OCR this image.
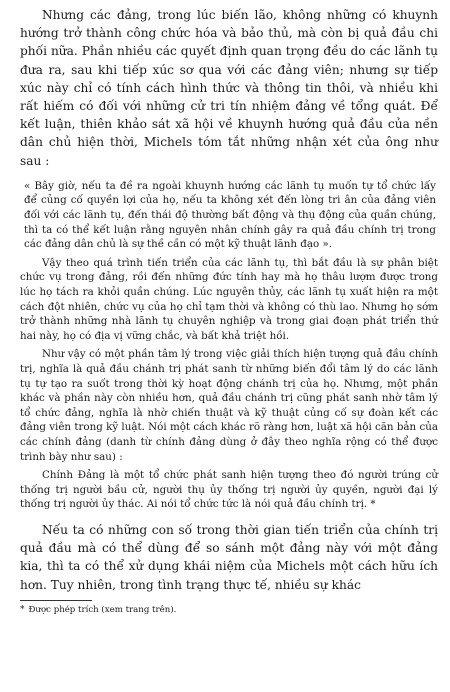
Nhưng các đảng, trong lúc biến lão, không những có khuynh hướng trở thành công chức hóa và bảo thủ, mà còn bị quả đầu chi phối nữa. Phần nhiều các quyết định quan trọng đều do các lãnh tụ đưa ra, sau khi tiếp xúc sơ qua với các đảng viên; nhưng sự tiếp xúc này chỉ có tính cách hình thức và thông tin thôi, và nhiều khi rất hiếm có đối với những cử tri tín nhiệm đảng về tổng quát. Để kết luận, thiên khảo sát xã hội về khuynh hướng quả đầu của nền dân chủ hiện thời, Michels tóm tắt những nhận xét của ông như sau :

« Bây giờ, nếu ta đề ra ngoài khuynh hướng các lãnh tụ muốn tự tổ chức lấy để củng cố quyền lợi của họ, nếu ta không xét đến lòng tri ân của đảng viên đối với các lãnh tụ, đến thái độ thường bất động và thụ động của quần chúng, thì ta có thể kết luận rằng nguyên nhân chính gây ra quả đầu chính trị trong các đảng dân chủ là sự thề cần có một kỹ thuật lãnh đạo ».

Vậy theo quá trình tiến triển của các lãnh tụ, thì bắt đầu là sự phân biệt chức vụ trong đảng, rồi đến những đức tính hay mà họ thâu lượm được trong lúc họ tách ra khỏi quần chúng. Lúc nguyên thủy, các lãnh tụ xuất hiện ra một cách đột nhiên, chức vụ của họ chỉ tạm thời và không có thù lao. Nhưng họ sớm trở thành những nhà lãnh tụ chuyên nghiệp và trong giai đoạn phát triển thứ hai này, họ có địa vị vững chắc, và bất khả triệt hồi.

Như vậy có một phần tâm lý trong việc giải thích hiện tượng quả đầu chính trị, nghĩa là quả đầu chánh trị phát sanh từ những biến đổi tâm lý do các lãnh tụ tự tạo ra suốt trong thời kỳ hoạt động chánh trị của họ. Nhưng, một phần khác và phần này còn nhiều hơn, quả đầu chánh trị cũng phát sanh nhờ tâm lý tổ chức đảng, nghĩa là nhờ chiến thuật và kỹ thuật củng cố sự đoàn kết các đảng viên trong kỹ luật. Nói một cách khác rõ ràng hơn, luật xã hội căn bản của các chính đảng (danh từ chính đảng dùng ở đây theo nghĩa rộng có thể được trình bày như sau) :

Chính Đảng là một tổ chức phát sanh hiện tượng theo đó người trúng cử thống trị người bầu cử, người thụ ủy thống trị người ủy quyền, người đại lý thống trị người ủy thác. Ai nói tổ chức tức là nói quả đầu chính trị. *

Nếu ta có những con số trong thời gian tiến triển của chính trị quả đầu mà có thể dùng để so sánh một đảng này với một đảng kia, thì ta có thể xử dụng khái niệm của Michels một cách hữu ích hơn. Tuy nhiên, trong tình trạng thực tế, nhiều sự khác

* Được phép trích (xem trang trên).
